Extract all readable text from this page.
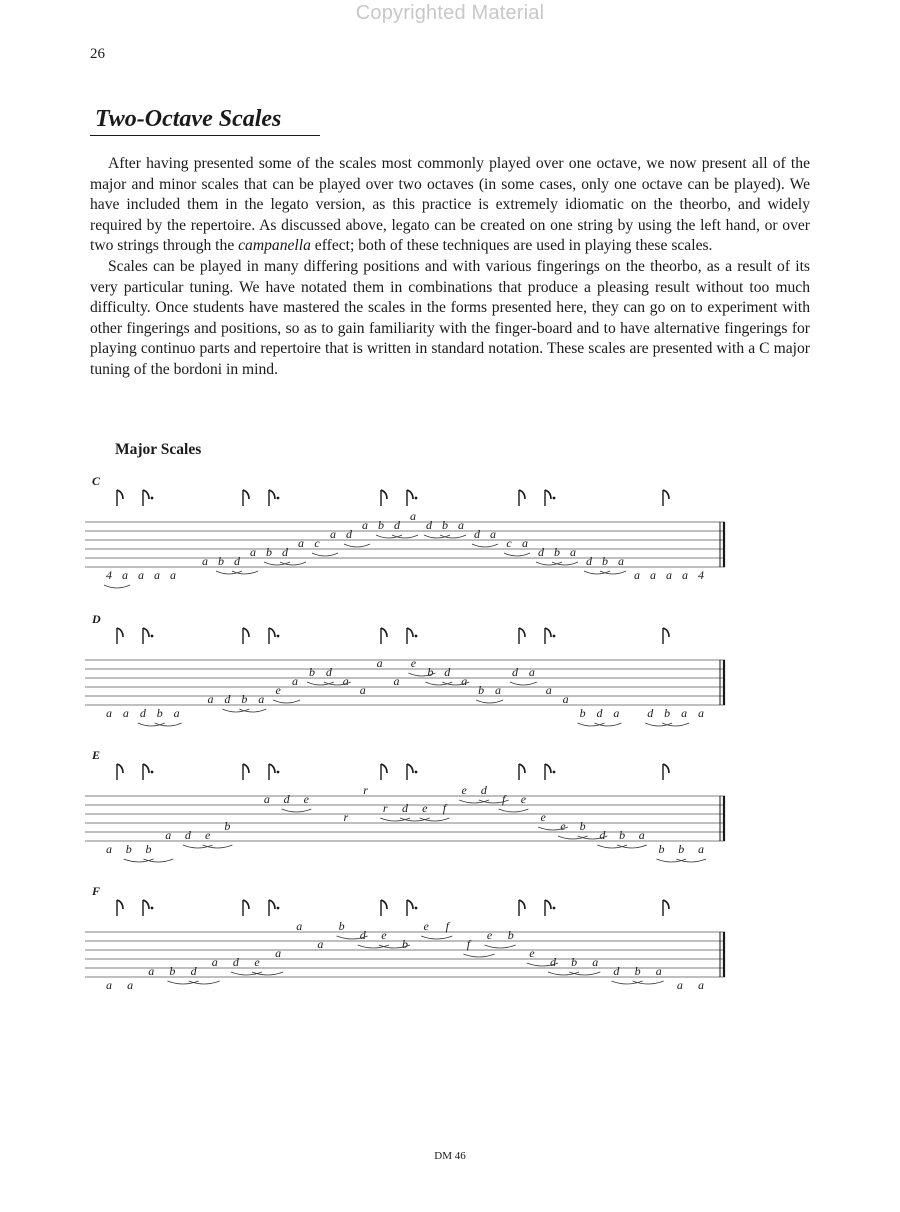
Copyrighted Material
26
Two-Octave Scales

After having presented some of the scales most commonly played over one octave, we now present all of the major and minor scales that can be played over two octaves (in some cases, only one octave can be played). We have included them in the legato version, as this practice is extremely idiomatic on the theorbo, and widely required by the repertoire. As discussed above, legato can be created on one string by using the left hand, or over two strings through the campanella effect; both of these techniques are used in playing these scales.

Scales can be played in many differing positions and with various fingerings on the theorbo, as a result of its very particular tuning. We have notated them in combinations that produce a pleasing result without too much difficulty. Once students have mastered the scales in the forms presented here, they can go on to experiment with other fingerings and positions, so as to gain familiarity with the finger-board and to have alternative fingerings for playing continuo parts and repertoire that is written in standard notation. These scales are presented with a C major tuning of the bordoni in mind.

Major Scales
C
4 a a a a
a b d
a b d
a c
a d
a b d
a
d b a
d a
c a
d b a
d b a
a a a a 4
D
a a d b a
a d b a
e
a
b d
a
a
a
a
e
b d
a
b a
d a
a
a
b d a d b a a
E
a b b
a d e
b
a d e
r
r
r d e f
e d
f e
e
e b
d b a
b b a
F
a a
a b d
a d e
a
a
a
b
d e
b
e f
f
e b
e
d b a
d b a
a a
DM 46
